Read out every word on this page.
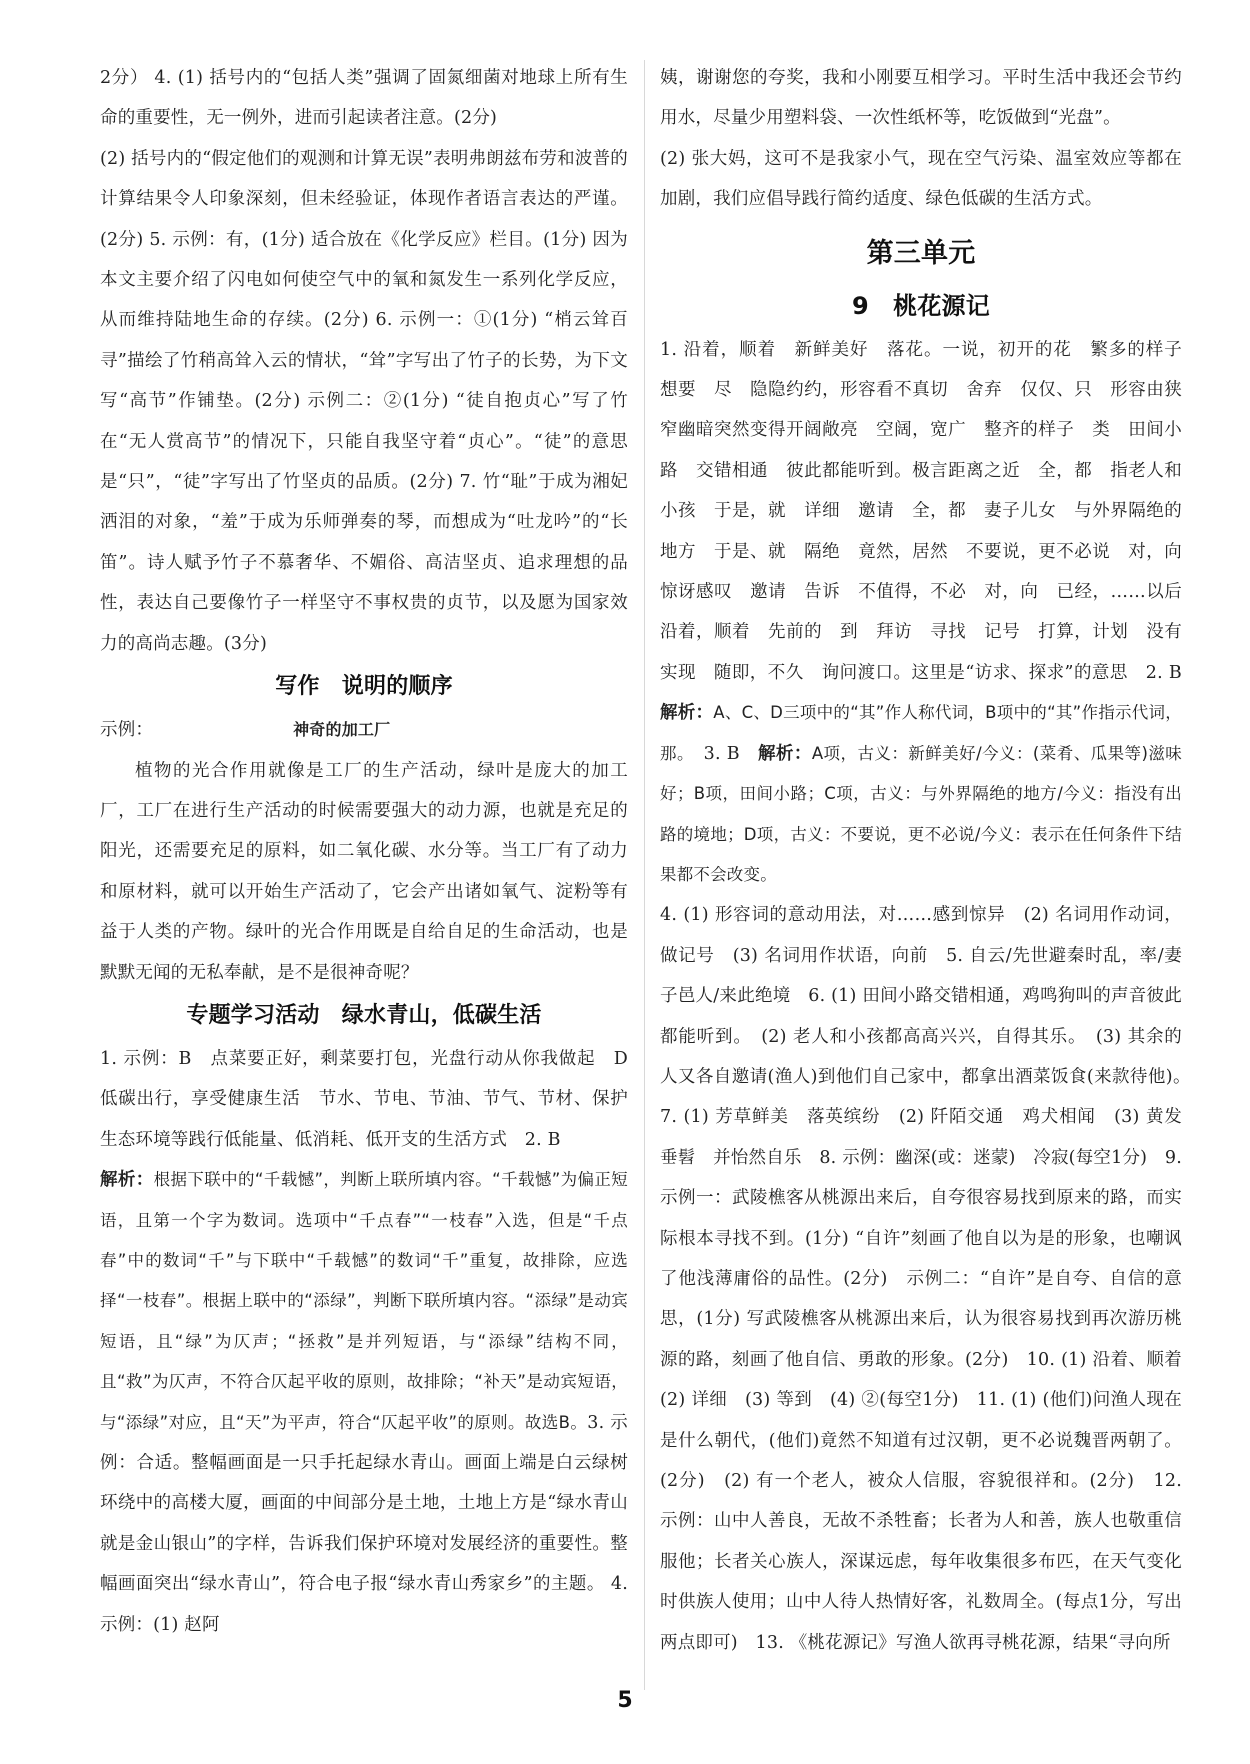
2分） 4. (1) 括号内的“包括人类”强调了固氮细菌对地球上所有生命的重要性，无一例外，进而引起读者注意。(2分)

(2) 括号内的“假定他们的观测和计算无误”表明弗朗兹布劳和波普的计算结果令人印象深刻，但未经验证，体现作者语言表达的严谨。(2分) 5. 示例：有，(1分) 适合放在《化学反应》栏目。(1分) 因为本文主要介绍了闪电如何使空气中的氧和氮发生一系列化学反应，从而维持陆地生命的存续。(2分) 6. 示例一：①(1分) “梢云耸百寻”描绘了竹稍高耸入云的情状，“耸”字写出了竹子的长势，为下文写“高节”作铺垫。(2分) 示例二：②(1分) “徒自抱贞心”写了竹在“无人赏高节”的情况下，只能自我坚守着“贞心”。“徒”的意思是“只”，“徒”字写出了竹坚贞的品质。(2分) 7. 竹“耻”于成为湘妃洒泪的对象，“羞”于成为乐师弹奏的琴，而想成为“吐龙吟”的“长笛”。诗人赋予竹子不慕奢华、不媚俗、高洁坚贞、追求理想的品性，表达自己要像竹子一样坚守不事权贵的贞节，以及愿为国家效力的高尚志趣。(3分)

写作　说明的顺序

示例：	神奇的加工厂

植物的光合作用就像是工厂的生产活动，绿叶是庞大的加工厂，工厂在进行生产活动的时候需要强大的动力源，也就是充足的阳光，还需要充足的原料，如二氧化碳、水分等。当工厂有了动力和原材料，就可以开始生产活动了，它会产出诸如氧气、淀粉等有益于人类的产物。绿叶的光合作用既是自给自足的生命活动，也是默默无闻的无私奉献，是不是很神奇呢？

专题学习活动　绿水青山，低碳生活

1. 示例：B　点菜要正好，剩菜要打包，光盘行动从你我做起　D　低碳出行，享受健康生活　节水、节电、节油、节气、节材、保护生态环境等践行低能量、低消耗、低开支的生活方式　2. B

解析：根据下联中的“千载憾”，判断上联所填内容。“千载憾”为偏正短语，且第一个字为数词。选项中“千点春”“一枝春”入选，但是“千点春”中的数词“千”与下联中“千载憾”的数词“千”重复，故排除，应选择“一枝春”。根据上联中的“添绿”，判断下联所填内容。“添绿”是动宾短语，且“绿”为仄声；“拯救”是并列短语，与“添绿”结构不同，且“救”为仄声，不符合仄起平收的原则，故排除；“补天”是动宾短语，与“添绿”对应，且“天”为平声，符合“仄起平收”的原则。故选B。3. 示例：合适。整幅画面是一只手托起绿水青山。画面上端是白云绿树环绕中的高楼大厦，画面的中间部分是土地，土地上方是“绿水青山就是金山银山”的字样，告诉我们保护环境对发展经济的重要性。整幅画面突出“绿水青山”，符合电子报“绿水青山秀家乡”的主题。 4. 示例：(1) 赵阿

姨，谢谢您的夸奖，我和小刚要互相学习。平时生活中我还会节约用水，尽量少用塑料袋、一次性纸杯等，吃饭做到“光盘”。

(2) 张大妈，这可不是我家小气，现在空气污染、温室效应等都在加剧，我们应倡导践行简约适度、绿色低碳的生活方式。

第三单元
9　桃花源记

1. 沿着，顺着　新鲜美好　落花。一说，初开的花　繁多的样子　想要　尽　隐隐约约，形容看不真切　舍弃　仅仅、只　形容由狭窄幽暗突然变得开阔敞亮　空阔，宽广　整齐的样子　类　田间小路　交错相通　彼此都能听到。极言距离之近　全，都　指老人和小孩　于是，就　详细　邀请　全，都　妻子儿女　与外界隔绝的地方　于是、就　隔绝　竟然，居然　不要说，更不必说　对，向　惊讶感叹　邀请　告诉　不值得，不必　对，向　已经，……以后　沿着，顺着　先前的　到　拜访　寻找　记号　打算，计划　没有实现　随即，不久　询问渡口。这里是“访求、探求”的意思　2. B　解析：A、C、D三项中的“其”作人称代词，B项中的“其”作指示代词，那。　 3. B　 解析：A项，古义：新鲜美好/今义：(菜肴、瓜果等)滋味好；B项，田间小路；C项，古义：与外界隔绝的地方/今义：指没有出路的境地；D项，古义：不要说，更不必说/今义：表示在任何条件下结果都不会改变。

4. (1) 形容词的意动用法，对……感到惊异　(2) 名词用作动词，做记号　(3) 名词用作状语，向前　5. 自云/先世避秦时乱，率/妻子邑人/来此绝境　6. (1) 田间小路交错相通，鸡鸣狗叫的声音彼此都能听到。　(2) 老人和小孩都高高兴兴，自得其乐。　(3) 其余的人又各自邀请(渔人)到他们自己家中，都拿出酒菜饭食(来款待他)。　7. (1) 芳草鲜美　落英缤纷　(2) 阡陌交通　鸡犬相闻　(3) 黄发垂髫　并怡然自乐　8. 示例：幽深(或：迷蒙)　冷寂(每空1分)　9. 示例一：武陵樵客从桃源出来后，自夸很容易找到原来的路，而实际根本寻找不到。(1分) “自许”刻画了他自以为是的形象，也嘲讽了他浅薄庸俗的品性。(2分)　示例二：“自许”是自夸、自信的意思，(1分) 写武陵樵客从桃源出来后，认为很容易找到再次游历桃源的路，刻画了他自信、勇敢的形象。(2分)　10. (1) 沿着、顺着　(2) 详细　(3) 等到　(4) ②(每空1分)　11. (1) (他们)问渔人现在是什么朝代，(他们)竟然不知道有过汉朝，更不必说魏晋两朝了。(2分)　(2) 有一个老人，被众人信服，容貌很祥和。(2分)　12. 示例：山中人善良，无故不杀牲畜；长者为人和善，族人也敬重信服他；长者关心族人，深谋远虑，每年收集很多布匹，在天气变化时供族人使用；山中人待人热情好客，礼数周全。(每点1分，写出两点即可)　13. 《桃花源记》写渔人欲再寻桃花源，结果“寻向所

5
